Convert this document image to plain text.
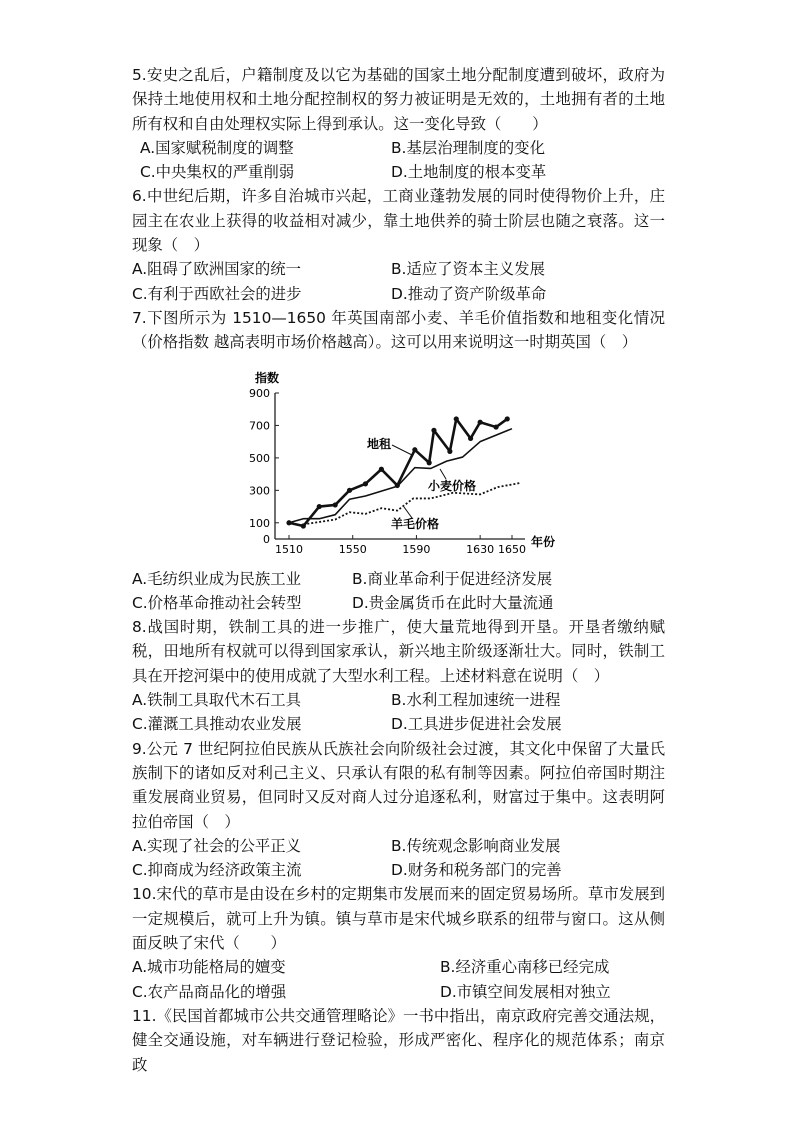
5.安史之乱后，户籍制度及以它为基础的国家土地分配制度遭到破坏，政府为保持土地使用权和土地分配控制权的努力被证明是无效的，土地拥有者的土地所有权和自由处理权实际上得到承认。这一变化导致（　　）
A.国家赋税制度的调整	B.基层治理制度的变化
C.中央集权的严重削弱	D.土地制度的根本变革
6.中世纪后期，许多自治城市兴起，工商业蓬勃发展的同时使得物价上升，庄园主在农业上获得的收益相对减少，靠土地供养的骑士阶层也随之衰落。这一现象（　）
A.阻碍了欧洲国家的统一	B.适应了资本主义发展
C.有利于西欧社会的进步	D.推动了资产阶级革命
7.下图所示为 1510—1650 年英国南部小麦、羊毛价值指数和地租变化情况（价格指数 越高表明市场价格越高）。这可以用来说明这一时期英国（　）
0
100
300
500
700
900
1510	1550	1590	1630 1650
指数
年份
地租
小麦价格
羊毛价格
A.毛纺织业成为民族工业	B.商业革命利于促进经济发展
C.价格革命推动社会转型	D.贵金属货币在此时大量流通
8.战国时期，铁制工具的进一步推广，使大量荒地得到开垦。开垦者缴纳赋税，田地所有权就可以得到国家承认，新兴地主阶级逐渐壮大。同时，铁制工具在开挖河渠中的使用成就了大型水利工程。上述材料意在说明（　）
A.铁制工具取代木石工具	B.水利工程加速统一进程
C.灌溉工具推动农业发展	D.工具进步促进社会发展
9.公元 7 世纪阿拉伯民族从氏族社会向阶级社会过渡，其文化中保留了大量氏族制下的诸如反对利己主义、只承认有限的私有制等因素。阿拉伯帝国时期注重发展商业贸易，但同时又反对商人过分追逐私利，财富过于集中。这表明阿拉伯帝国（　）
A.实现了社会的公平正义	B.传统观念影响商业发展
C.抑商成为经济政策主流	D.财务和税务部门的完善
10.宋代的草市是由设在乡村的定期集市发展而来的固定贸易场所。草市发展到一定规模后，就可上升为镇。镇与草市是宋代城乡联系的纽带与窗口。这从侧面反映了宋代（　　）
A.城市功能格局的嬗变	B.经济重心南移已经完成
C.农产品商品化的增强	D.市镇空间发展相对独立
11.《民国首都城市公共交通管理略论》一书中指出，南京政府完善交通法规，健全交通设施，对车辆进行登记检验，形成严密化、程序化的规范体系；南京政
